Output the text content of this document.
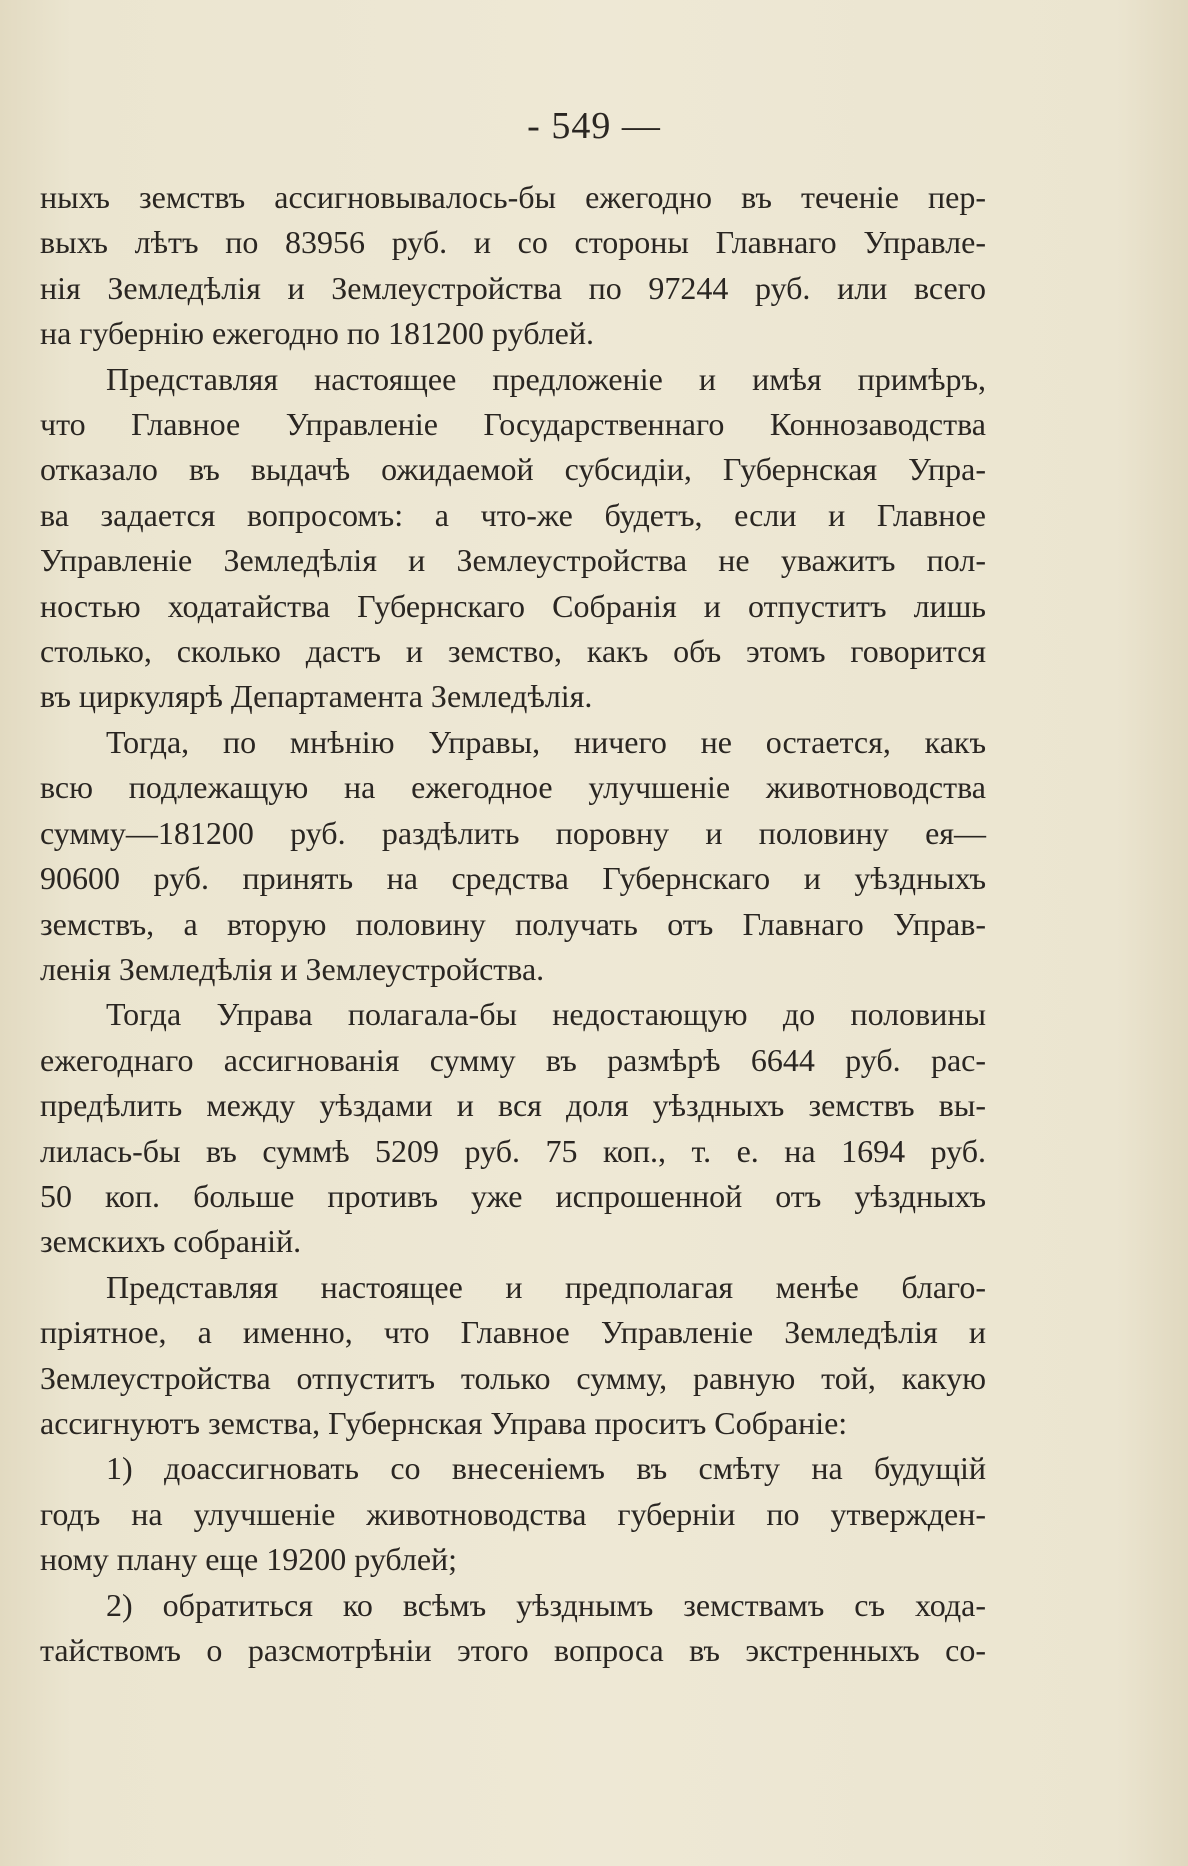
- 549 —
ныхъ земствъ ассигновывалось-бы ежегодно въ теченіе пер-
выхъ лѣтъ по 83956 руб. и со стороны Главнаго Управле-
нія Земледѣлія и Землеустройства по 97244 руб. или всего
на губернію ежегодно по 181200 рублей.
Представляя настоящее предложеніе и имѣя примѣръ,
что Главное Управленіе Государственнаго Коннозаводства
отказало въ выдачѣ ожидаемой субсидіи, Губернская Упра-
ва задается вопросомъ: а что-же будетъ, если и Главное
Управленіе Земледѣлія и Землеустройства не уважитъ пол-
ностью ходатайства Губернскаго Собранія и отпуститъ лишь
столько, сколько дастъ и земство, какъ объ этомъ говорится
въ циркулярѣ Департамента Земледѣлія.
Тогда, по мнѣнію Управы, ничего не остается, какъ
всю подлежащую на ежегодное улучшеніе животноводства
сумму—181200 руб. раздѣлить поровну и половину ея—
90600 руб. принять на средства Губернскаго и уѣздныхъ
земствъ, а вторую половину получать отъ Главнаго Управ-
ленія Земледѣлія и Землеустройства.
Тогда Управа полагала-бы недостающую до половины
ежегоднаго ассигнованія сумму въ размѣрѣ 6644 руб. рас-
предѣлить между уѣздами и вся доля уѣздныхъ земствъ вы-
лилась-бы въ суммѣ 5209 руб. 75 коп., т. е. на 1694 руб.
50 коп. больше противъ уже испрошенной отъ уѣздныхъ
земскихъ собраній.
Представляя настоящее и предполагая менѣе благо-
пріятное, а именно, что Главное Управленіе Земледѣлія и
Землеустройства отпуститъ только сумму, равную той, какую
ассигнуютъ земства, Губернская Управа проситъ Собраніе:
1) доассигновать со внесеніемъ въ смѣту на будущій
годъ на улучшеніе животноводства губерніи по утвержден-
ному плану еще 19200 рублей;
2) обратиться ко всѣмъ уѣзднымъ земствамъ съ хода-
тайствомъ о разсмотрѣніи этого вопроса въ экстренныхъ со-
